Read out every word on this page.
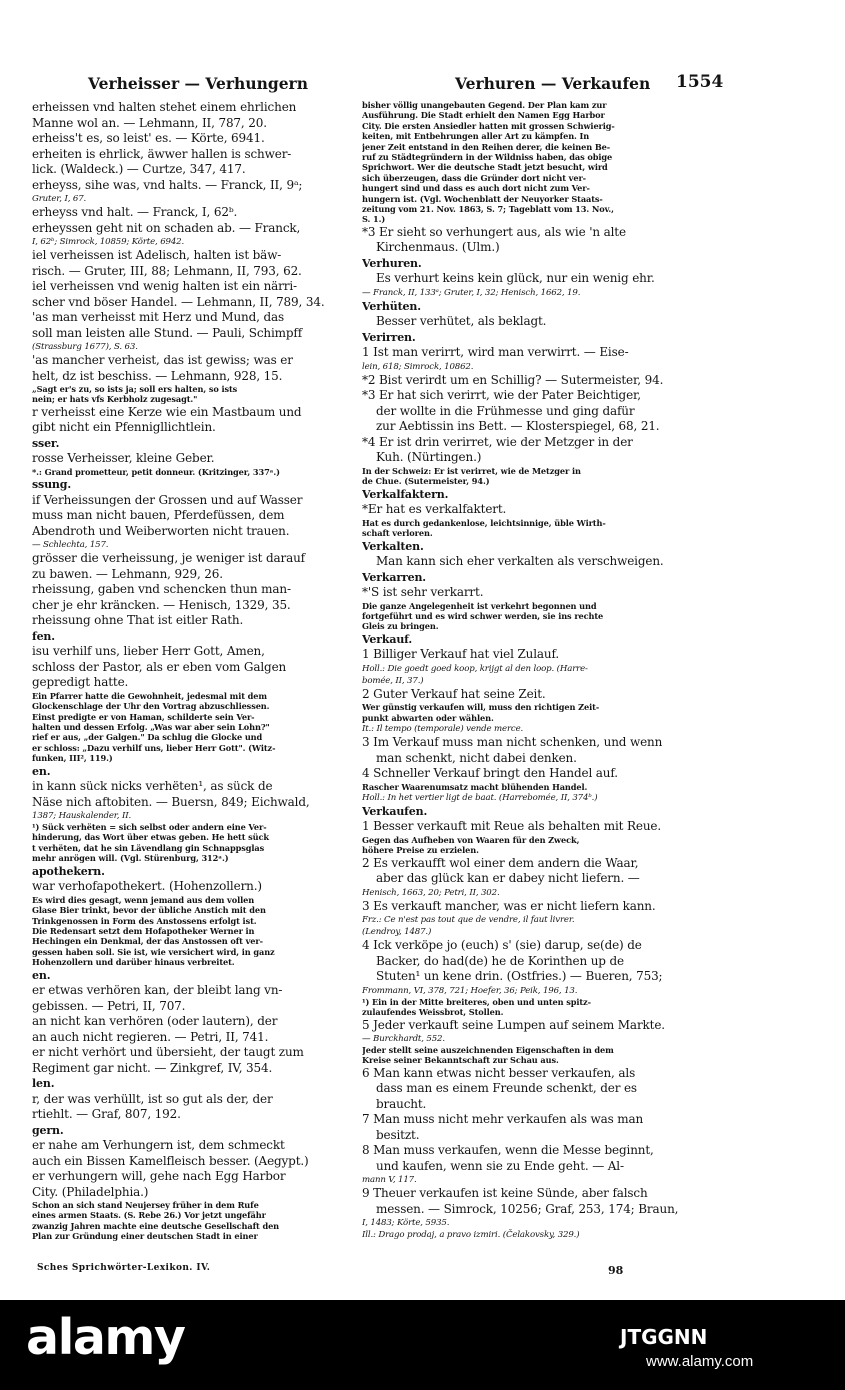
Verheisser — Verhungern	Verhuren — Verkaufen 1554
erheissen vnd halten stehet einem ehrlichen
Manne wol an. — Lehmann, II, 787, 20.
erheiss't es, so leist' es. — Körte, 6941.
erheiten is ehrlick, äwwer hallen is schwer-
lick. (Waldeck.) — Curtze, 347, 417.
erheyss, sihe was, vnd halts. — Franck, II, 9ᵃ;
Gruter, I, 67.
erheyss vnd halt. — Franck, I, 62ᵇ.
erheyssen geht nit on schaden ab. — Franck,
I, 62ᵇ; Simrock, 10859; Körte, 6942.
iel verheissen ist Adelisch, halten ist bäw-
risch. — Gruter, III, 88; Lehmann, II, 793, 62.
iel verheissen vnd wenig halten ist ein närri-
scher vnd böser Handel. — Lehmann, II, 789, 34.
'as man verheisst mit Herz und Mund, das
soll man leisten alle Stund. — Pauli, Schimpff
(Strassburg 1677), S. 63.
'as mancher verheist, das ist gewiss; was er
helt, dz ist beschiss. — Lehmann, 928, 15.
„Sagt er's zu, so ists ja; soll ers halten, so ists
nein; er hats vfs Kerbholz zugesagt."
r verheisst eine Kerze wie ein Mastbaum und
gibt nicht ein Pfennigllichtlein.
sser.
rosse Verheisser, kleine Geber.
*.: Grand prometteur, petit donneur. (Kritzinger, 337ᵃ.)
ssung.
if Verheissungen der Grossen und auf Wasser
muss man nicht bauen, Pferdefüssen, dem
Abendroth und Weiberworten nicht trauen.
— Schlechta, 157.
grösser die verheissung, je weniger ist darauf
zu bawen. — Lehmann, 929, 26.
rheissung, gaben vnd schencken thun man-
cher je ehr kräncken. — Henisch, 1329, 35.
rheissung ohne That ist eitler Rath.
fen.
isu verhilf uns, lieber Herr Gott, Amen,
schloss der Pastor, als er eben vom Galgen
gepredigt hatte.
Ein Pfarrer hatte die Gewohnheit, jedesmal mit dem
Glockenschlage der Uhr den Vortrag abzuschliessen.
Einst predigte er von Haman, schilderte sein Ver-
halten und dessen Erfolg. „Was war aber sein Lohn?"
rief er aus, „der Galgen." Da schlug die Glocke und
er schloss: „Dazu verhilf uns, lieber Herr Gott". (Witz-
funken, III², 119.)
en.
in kann sück nicks verhëten¹, as sück de
Näse nich aftobiten. — Buersn, 849; Eichwald,
1387; Hauskalender, II.
¹) Sück verhëten = sich selbst oder andern eine Ver-
hinderung, das Wort über etwas geben. He hett sück
t verhëten, dat he sin Lävendlang gin Schnappsglas
mehr anrögen will. (Vgl. Stürenburg, 312ᵃ.)
apothekern.
war verhofapothekert. (Hohenzollern.)
Es wird dies gesagt, wenn jemand aus dem vollen
Glase Bier trinkt, bevor der übliche Anstich mit den
Trinkgenossen in Form des Anstossens erfolgt ist.
Die Redensart setzt dem Hofapotheker Werner in
Hechingen ein Denkmal, der das Anstossen oft ver-
gessen haben soll. Sie ist, wie versichert wird, in ganz
Hohenzollern und darüber hinaus verbreitet.
en.
er etwas verhören kan, der bleibt lang vn-
gebissen. — Petri, II, 707.
an nicht kan verhören (oder lautern), der
an auch nicht regieren. — Petri, II, 741.
er nicht verhört und übersieht, der taugt zum
Regiment gar nicht. — Zinkgref, IV, 354.
len.
r, der was verhüllt, ist so gut als der, der
rtiehlt. — Graf, 807, 192.
gern.
er nahe am Verhungern ist, dem schmeckt
auch ein Bissen Kamelfleisch besser. (Aegypt.)
er verhungern will, gehe nach Egg Harbor
City. (Philadelphia.)
Schon an sich stand Neujersey früher in dem Rufe
eines armen Staats. (S. Rebe 26.) Vor jetzt ungefähr
zwanzig Jahren machte eine deutsche Gesellschaft den
Plan zur Gründung einer deutschen Stadt in einer
bisher völlig unangebauten Gegend. Der Plan kam zur
Ausführung. Die Stadt erhielt den Namen Egg Harbor
City. Die ersten Ansiedler hatten mit grossen Schwierig-
keiten, mit Entbehrungen aller Art zu kämpfen. In
jener Zeit entstand in den Reihen derer, die keinen Be-
ruf zu Städtegründern in der Wildniss haben, das obige
Sprichwort. Wer die deutsche Stadt jetzt besucht, wird
sich überzeugen, dass die Gründer dort nicht ver-
hungert sind und dass es auch dort nicht zum Ver-
hungern ist. (Vgl. Wochenblatt der Neuyorker Staats-
zeitung vom 21. Nov. 1863, S. 7; Tageblatt vom 13. Nov.,
S. 1.)
*3 Er sieht so verhungert aus, als wie 'n alte
Kirchenmaus. (Ulm.)
Verhuren.
Es verhurt keins kein glück, nur ein wenig ehr.
— Franck, II, 133ᵃ; Gruter, I, 32; Henisch, 1662, 19.
Verhüten.
Besser verhütet, als beklagt.
Verirren.
1 Ist man verirrt, wird man verwirrt. — Eise-
lein, 618; Simrock, 10862.
*2 Bist verirdt um en Schillig? — Sutermeister, 94.
*3 Er hat sich verirrt, wie der Pater Beichtiger,
der wollte in die Frühmesse und ging dafür
zur Aebtissin ins Bett. — Klosterspiegel, 68, 21.
*4 Er ist drin verirret, wie der Metzger in der
Kuh. (Nürtingen.)
In der Schweiz: Er ist verirret, wie de Metzger in
de Chue. (Sutermeister, 94.)
Verkalfaktern.
*Er hat es verkalfaktert.
Hat es durch gedankenlose, leichtsinnige, üble Wirth-
schaft verloren.
Verkalten.
Man kann sich eher verkalten als verschweigen.
Verkarren.
*'S ist sehr verkarrt.
Die ganze Angelegenheit ist verkehrt begonnen und
fortgeführt und es wird schwer werden, sie ins rechte
Gleis zu bringen.
Verkauf.
1 Billiger Verkauf hat viel Zulauf.
Holl.: Die goedt goed koop, krijgt al den loop. (Harre-
bomée, II, 37.)
2 Guter Verkauf hat seine Zeit.
Wer günstig verkaufen will, muss den richtigen Zeit-
punkt abwarten oder wählen.
It.: Il tempo (temporale) vende merce.
3 Im Verkauf muss man nicht schenken, und wenn
man schenkt, nicht dabei denken.
4 Schneller Verkauf bringt den Handel auf.
Rascher Waarenumsatz macht blühenden Handel.
Holl.: In het vertier ligt de baat. (Harrebomée, II, 374ᵇ.)
Verkaufen.
1 Besser verkauft mit Reue als behalten mit Reue.
Gegen das Aufheben von Waaren für den Zweck,
höhere Preise zu erzielen.
2 Es verkaufft wol einer dem andern die Waar,
aber das glück kan er dabey nicht liefern. —
Henisch, 1663, 20; Petri, II, 302.
3 Es verkauft mancher, was er nicht liefern kann.
Frz.: Ce n'est pas tout que de vendre, il faut livrer.
(Lendroy, 1487.)
4 Ick verköpe jo (euch) s' (sie) darup, se(de) de
Backer, do had(de) he de Korinthen up de
Stuten¹ un kene drin. (Ostfries.) — Bueren, 753;
Frommann, VI, 378, 721; Hoefer, 36; Peik, 196, 13.
¹) Ein in der Mitte breiteres, oben und unten spitz-
zulaufendes Weissbrot, Stollen.
5 Jeder verkauft seine Lumpen auf seinem Markte.
— Burckhardt, 552.
Jeder stellt seine auszeichnenden Eigenschaften in dem
Kreise seiner Bekanntschaft zur Schau aus.
6 Man kann etwas nicht besser verkaufen, als
dass man es einem Freunde schenkt, der es
braucht.
7 Man muss nicht mehr verkaufen als was man
besitzt.
8 Man muss verkaufen, wenn die Messe beginnt,
und kaufen, wenn sie zu Ende geht. — Al-
mann V, 117.
9 Theuer verkaufen ist keine Sünde, aber falsch
messen. — Simrock, 10256; Graf, 253, 174; Braun,
I, 1483; Körte, 5935.
Ill.: Drago prodaj, a pravo izmiri. (Čelakovsky, 329.)
Sches Sprichwörter-Lexikon. IV.	98
alamy	JTGGNN
www.alamy.com
